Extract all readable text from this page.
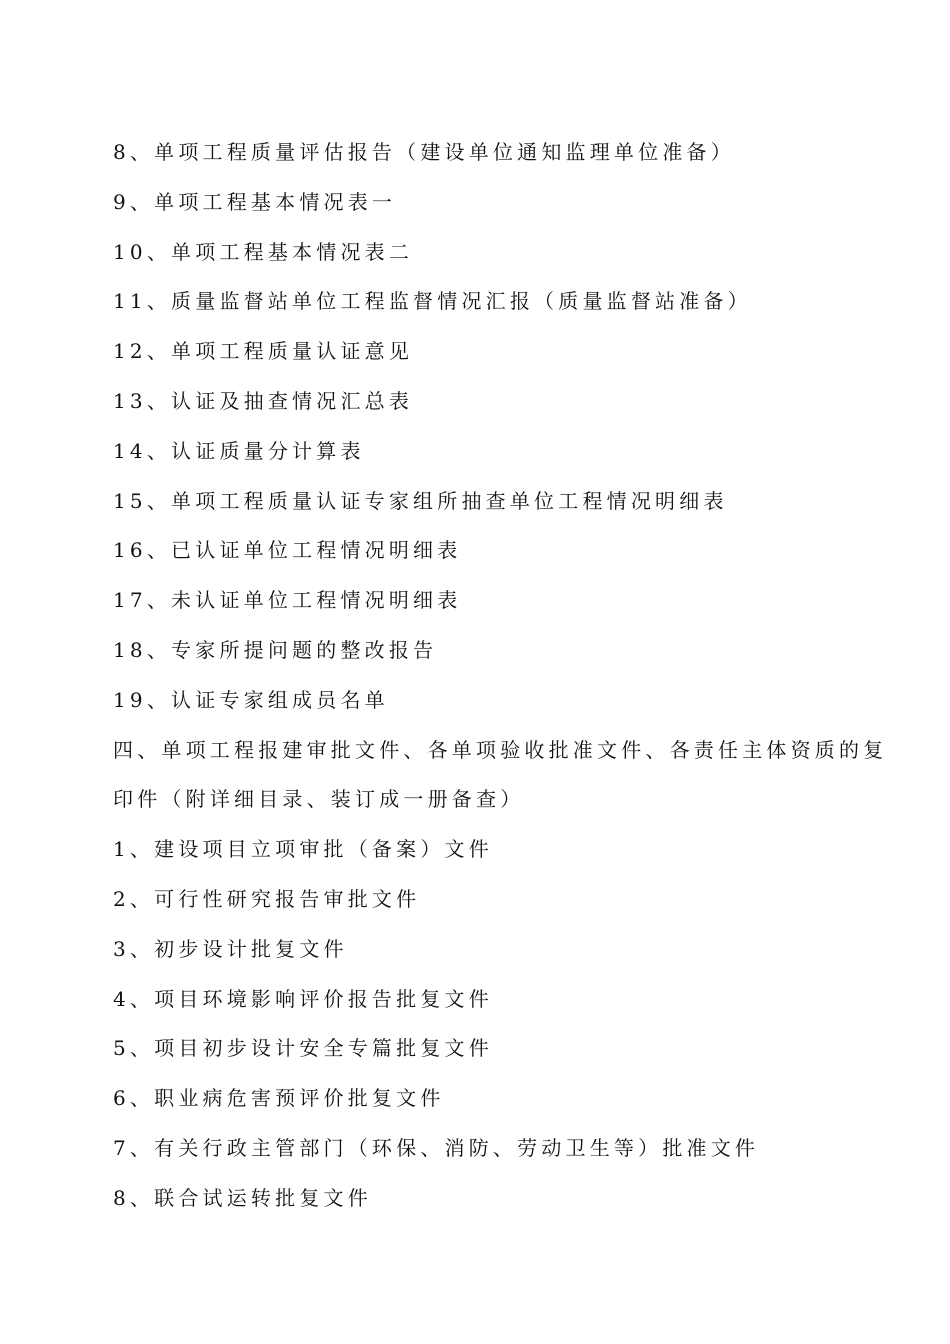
8、单项工程质量评估报告（建设单位通知监理单位准备）
9、单项工程基本情况表一
10、单项工程基本情况表二
11、质量监督站单位工程监督情况汇报（质量监督站准备）
12、单项工程质量认证意见
13、认证及抽查情况汇总表
14、认证质量分计算表
15、单项工程质量认证专家组所抽查单位工程情况明细表
16、已认证单位工程情况明细表
17、未认证单位工程情况明细表
18、专家所提问题的整改报告
19、认证专家组成员名单
四、单项工程报建审批文件、各单项验收批准文件、各责任主体资质的复
印件（附详细目录、装订成一册备查）
1、建设项目立项审批（备案）文件
2、可行性研究报告审批文件
3、初步设计批复文件
4、项目环境影响评价报告批复文件
5、项目初步设计安全专篇批复文件
6、职业病危害预评价批复文件
7、有关行政主管部门（环保、消防、劳动卫生等）批准文件
8、联合试运转批复文件
